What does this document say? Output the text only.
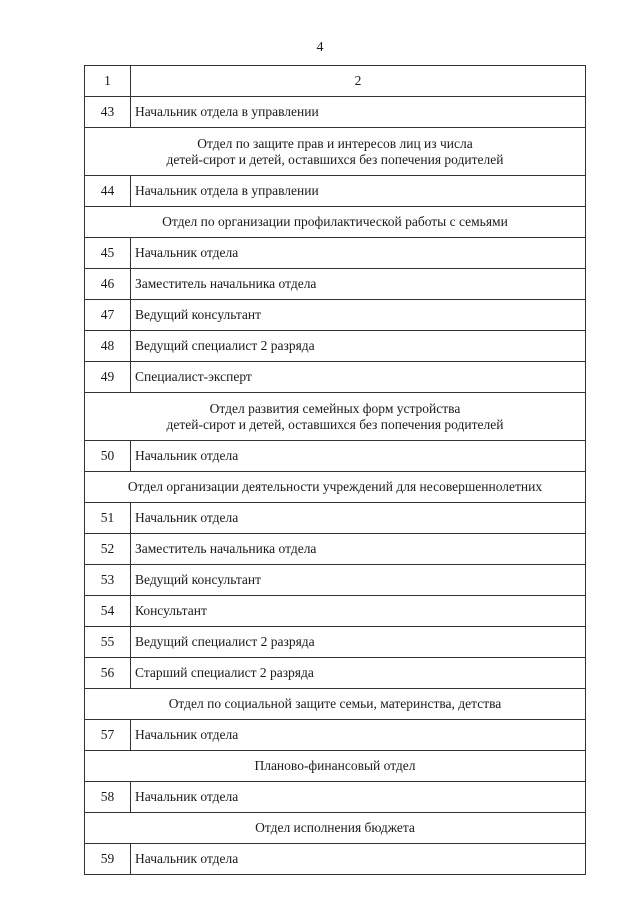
4
1	2
43	Начальник отдела в управлении
Отдел по защите прав и интересов лиц из числа
детей-сирот и детей, оставшихся без попечения родителей	
44	Начальник отдела в управлении
Отдел по организации профилактической работы с семьями	
45	Начальник отдела
46	Заместитель начальника отдела
47	Ведущий консультант
48	Ведущий специалист 2 разряда
49	Специалист-эксперт
Отдел развития семейных форм устройства
детей-сирот и детей, оставшихся без попечения родителей	
50	Начальник отдела
Отдел организации деятельности учреждений для несовершеннолетних	
51	Начальник отдела
52	Заместитель начальника отдела
53	Ведущий консультант
54	Консультант
55	Ведущий специалист 2 разряда
56	Старший специалист 2 разряда
Отдел по социальной защите семьи, материнства, детства	
57	Начальник отдела
Планово-финансовый отдел	
58	Начальник отдела
Отдел исполнения бюджета	
59	Начальник отдела
